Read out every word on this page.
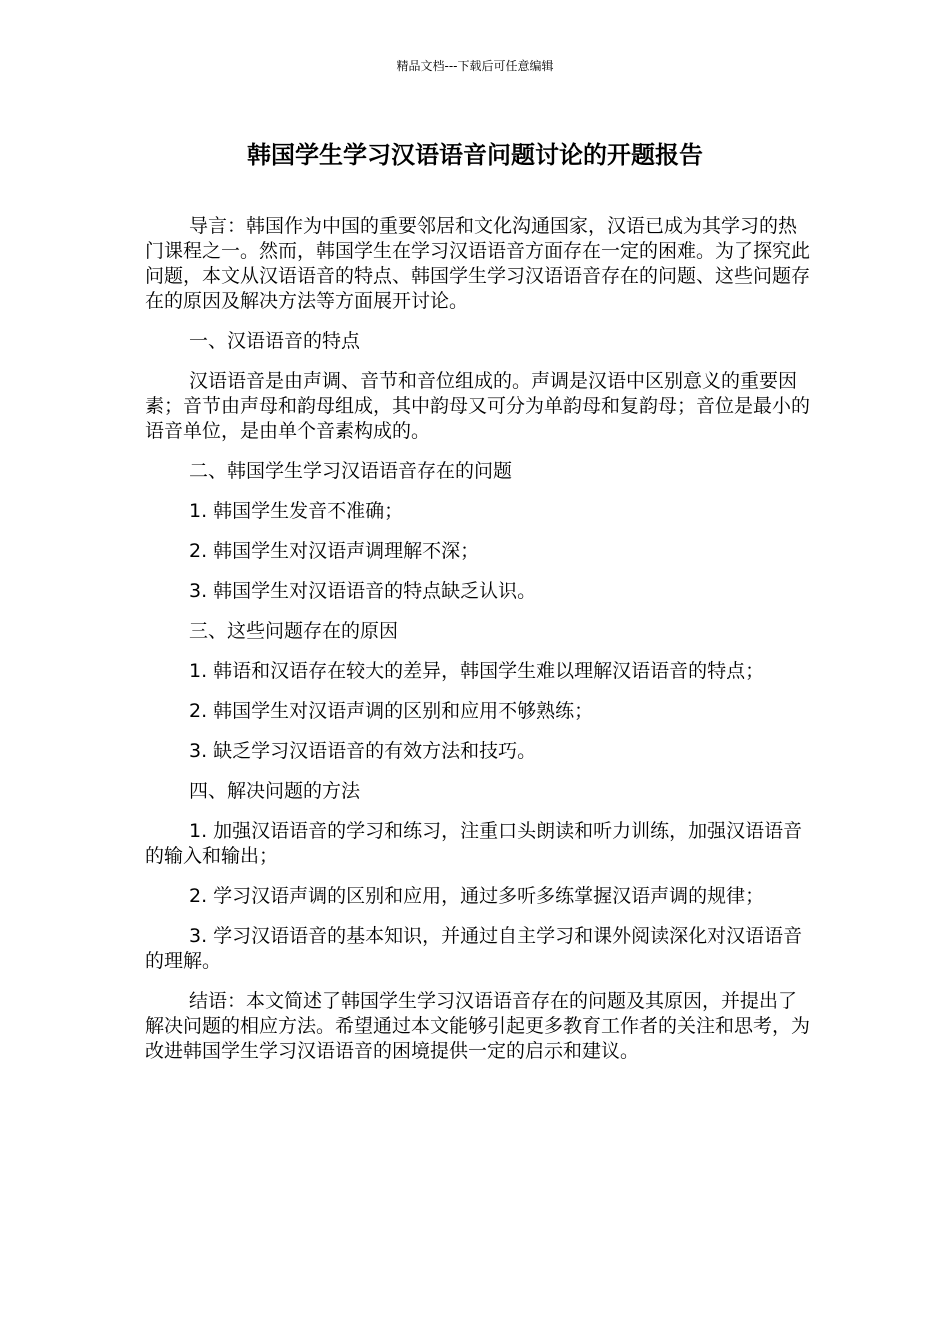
精品文档---下载后可任意编辑
韩国学生学习汉语语音问题讨论的开题报告

导言：韩国作为中国的重要邻居和文化沟通国家，汉语已成为其学习的热门课程之一。然而，韩国学生在学习汉语语音方面存在一定的困难。为了探究此问题，本文从汉语语音的特点、韩国学生学习汉语语音存在的问题、这些问题存在的原因及解决方法等方面展开讨论。

一、汉语语音的特点

汉语语音是由声调、音节和音位组成的。声调是汉语中区别意义的重要因素；音节由声母和韵母组成，其中韵母又可分为单韵母和复韵母；音位是最小的语音单位，是由单个音素构成的。

二、韩国学生学习汉语语音存在的问题

1. 韩国学生发音不准确；

2. 韩国学生对汉语声调理解不深；

3. 韩国学生对汉语语音的特点缺乏认识。

三、这些问题存在的原因

1. 韩语和汉语存在较大的差异，韩国学生难以理解汉语语音的特点；

2. 韩国学生对汉语声调的区别和应用不够熟练；

3. 缺乏学习汉语语音的有效方法和技巧。

四、解决问题的方法

1. 加强汉语语音的学习和练习，注重口头朗读和听力训练，加强汉语语音的输入和输出；

2. 学习汉语声调的区别和应用，通过多听多练掌握汉语声调的规律；

3. 学习汉语语音的基本知识，并通过自主学习和课外阅读深化对汉语语音的理解。

结语：本文简述了韩国学生学习汉语语音存在的问题及其原因，并提出了解决问题的相应方法。希望通过本文能够引起更多教育工作者的关注和思考，为改进韩国学生学习汉语语音的困境提供一定的启示和建议。
